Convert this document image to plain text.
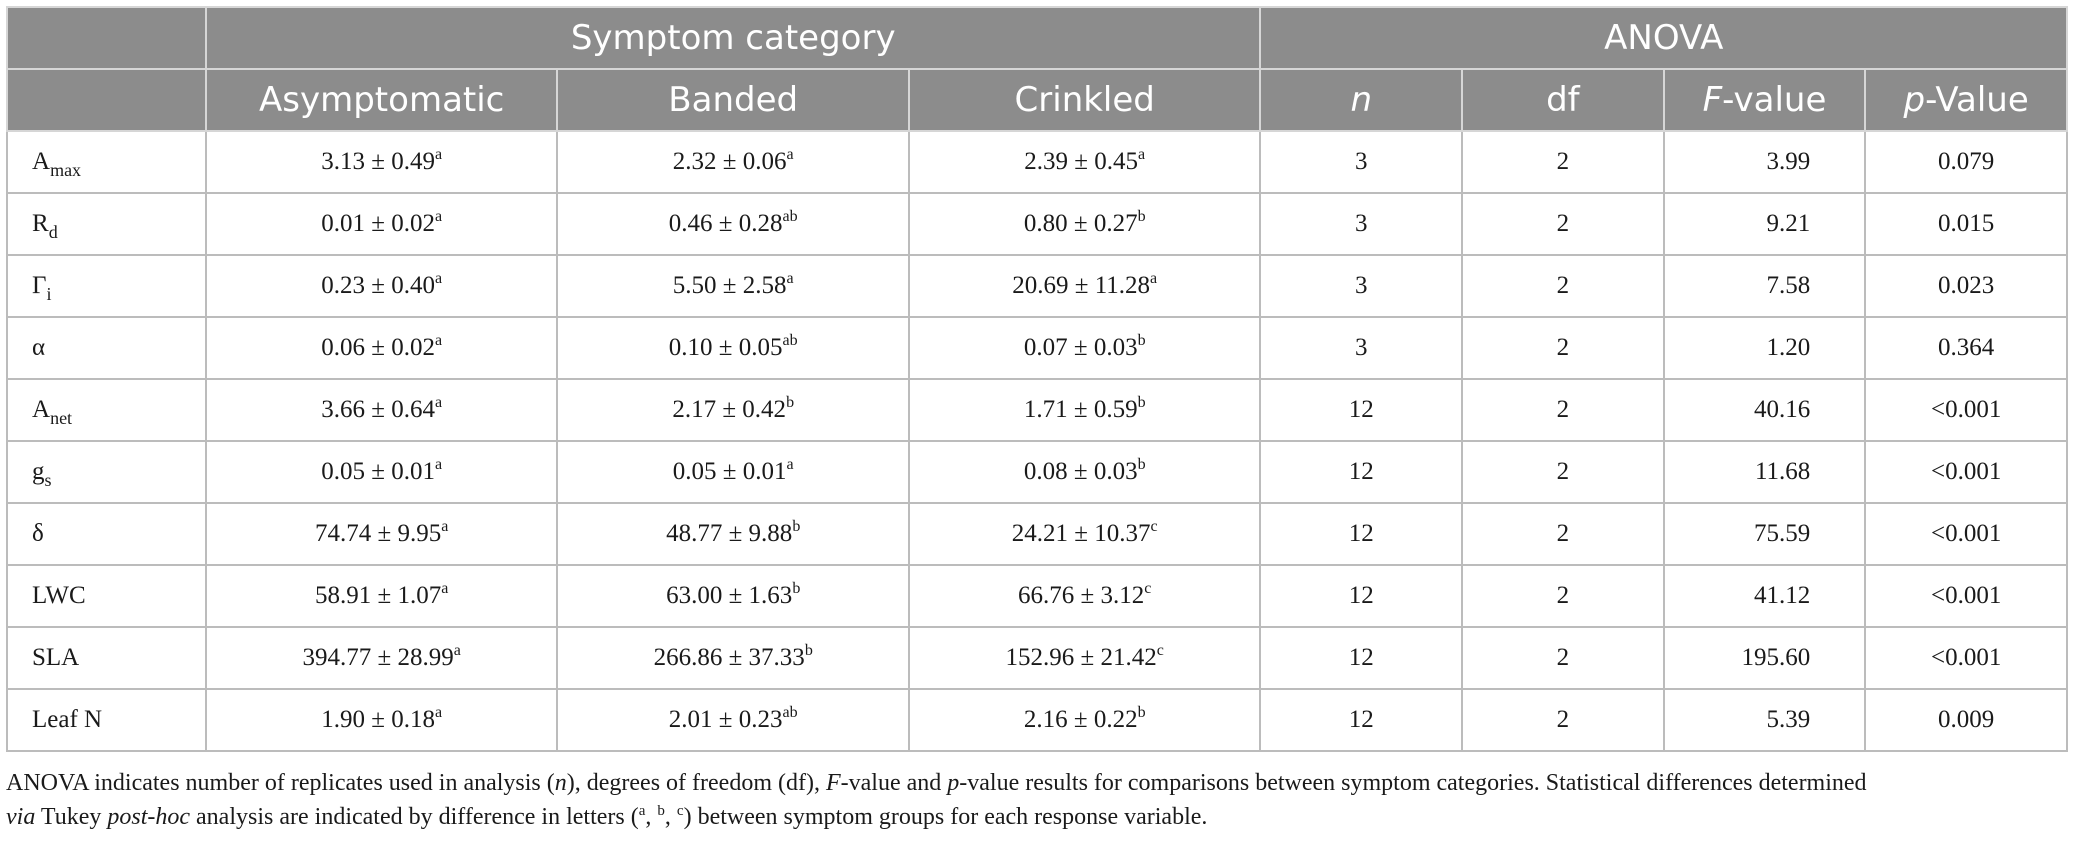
	Symptom category			ANOVA			
	Asymptomatic	Banded	Crinkled	n	df	F-value	p-Value
$A_{max}$	3.13 ± 0.49$^a$	2.32 ± 0.06$^a$	2.39 ± 0.45$^a$	3	2	3.99	0.079
$R_d$	0.01 ± 0.02$^a$	0.46 ± 0.28$^{ab}$	0.80 ± 0.27$^b$	3	2	9.21	0.015
$\Gamma_i$	0.23 ± 0.40$^a$	5.50 ± 2.58$^a$	20.69 ± 11.28$^a$	3	2	7.58	0.023
α	0.06 ± 0.02$^a$	0.10 ± 0.05$^{ab}$	0.07 ± 0.03$^b$	3	2	1.20	0.364
$A_{net}$	3.66 ± 0.64$^a$	2.17 ± 0.42$^b$	1.71 ± 0.59$^b$	12	2	40.16	<0.001
$g_s$	0.05 ± 0.01$^a$	0.05 ± 0.01$^a$	0.08 ± 0.03$^b$	12	2	11.68	<0.001
δ	74.74 ± 9.95$^a$	48.77 ± 9.88$^b$	24.21 ± 10.37$^c$	12	2	75.59	<0.001
LWC	58.91 ± 1.07$^a$	63.00 ± 1.63$^b$	66.76 ± 3.12$^c$	12	2	41.12	<0.001
SLA	394.77 ± 28.99$^a$	266.86 ± 37.33$^b$	152.96 ± 21.42$^c$	12	2	195.60	<0.001
Leaf N	1.90 ± 0.18$^a$	2.01 ± 0.23$^{ab}$	2.16 ± 0.22$^b$	12	2	5.39	0.009
ANOVA indicates number of replicates used in analysis (n), degrees of freedom (df), F-value and p-value results for comparisons between symptom categories. Statistical differences determined
via Tukey post-hoc analysis are indicated by difference in letters ($^a$, $^b$, $^c$) between symptom groups for each response variable.
